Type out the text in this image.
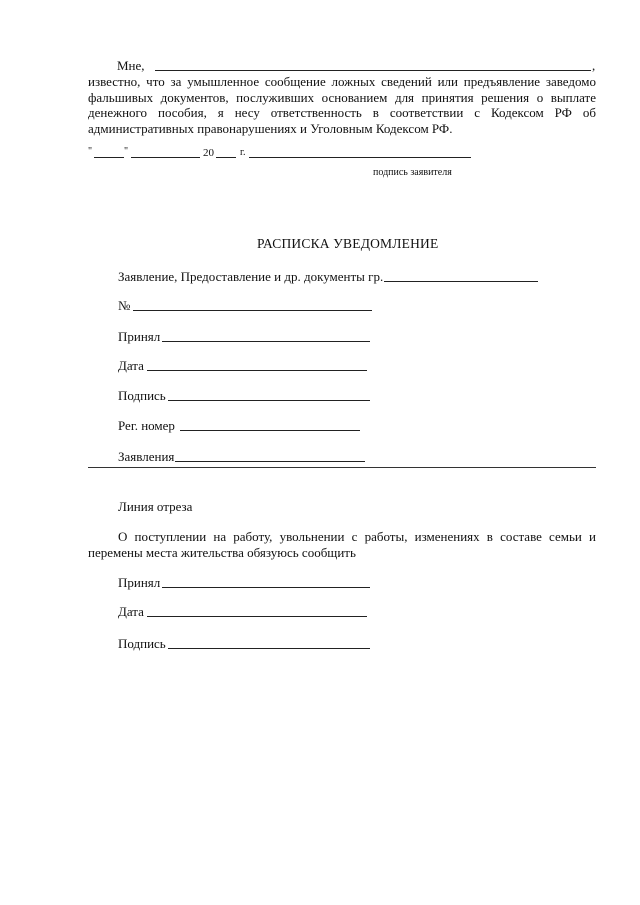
Мне,	,
известно, что за умышленное сообщение ложных сведений или предъявление заведомо фальшивых документов, послуживших основанием для принятия решения о выплате денежного пособия, я несу ответственность в соответствии с Кодексом РФ об административных правонарушениях и Уголовным Кодексом РФ.
"	"	20	г.
подпись заявителя
РАСПИСКА УВЕДОМЛЕНИЕ
Заявление, Предоставление и др. документы гр.
№
Принял
Дата
Подпись
Рег. номер
Заявления
Линия отреза
О поступлении на работу, увольнении с работы, изменениях в составе семьи и перемены места жительства обязуюсь сообщить
Принял
Дата
Подпись
